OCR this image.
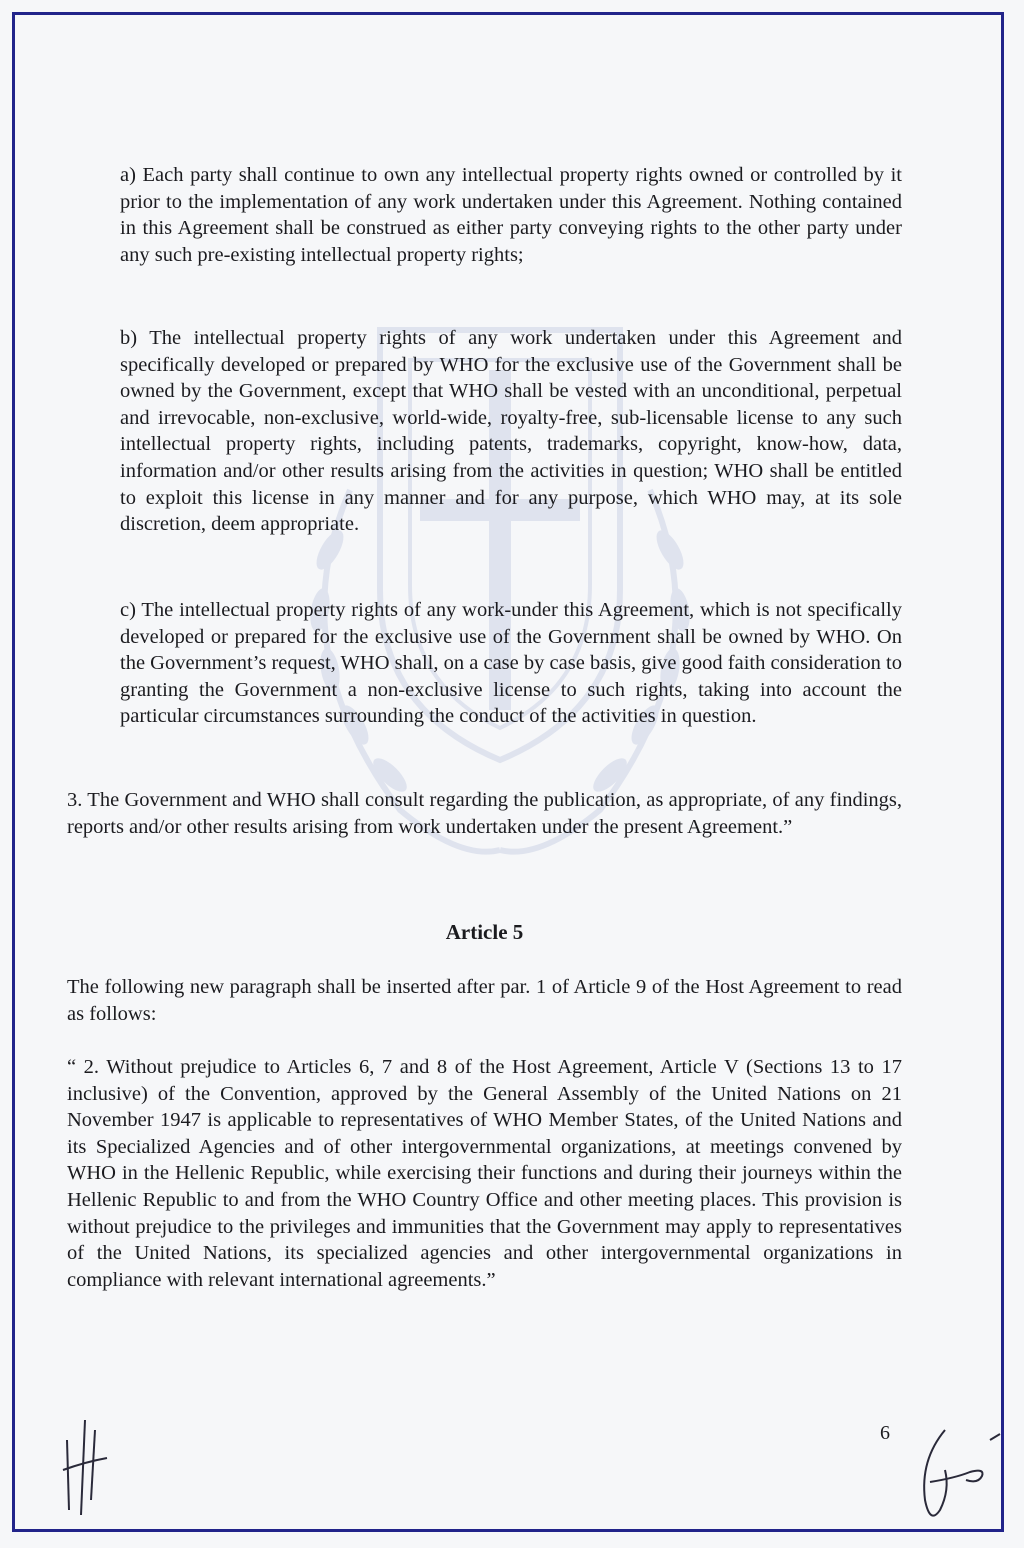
a) Each party shall continue to own any intellectual property rights owned or controlled by it prior to the implementation of any work undertaken under this Agreement. Nothing contained in this Agreement shall be construed as either party conveying rights to the other party under any such pre-existing intellectual property rights;

b) The intellectual property rights of any work undertaken under this Agreement and specifically developed or prepared by WHO for the exclusive use of the Government shall be owned by the Government, except that WHO shall be vested with an unconditional, perpetual and irrevocable, non-exclusive, world-wide, royalty-free, sub-licensable license to any such intellectual property rights, including patents, trademarks, copyright, know-how, data, information and/or other results arising from the activities in question; WHO shall be entitled to exploit this license in any manner and for any purpose, which WHO may, at its sole discretion, deem appropriate.

c) The intellectual property rights of any work-under this Agreement, which is not specifically developed or prepared for the exclusive use of the Government shall be owned by WHO. On the Government’s request, WHO shall, on a case by case basis, give good faith consideration to granting the Government a non-exclusive license to such rights, taking into account the particular circumstances surrounding the conduct of the activities in question.

3. The Government and WHO shall consult regarding the publication, as appropriate, of any findings, reports and/or other results arising from work undertaken under the present Agreement.”

Article 5

The following new paragraph shall be inserted after par. 1 of Article 9 of the Host Agreement to read as follows:

“ 2. Without prejudice to Articles 6, 7 and 8 of the Host Agreement, Article V (Sections 13 to 17 inclusive) of the Convention, approved by the General Assembly of the United Nations on 21 November 1947 is applicable to representatives of WHO Member States, of the United Nations and its Specialized Agencies and of other intergovernmental organizations, at meetings convened by WHO in the Hellenic Republic, while exercising their functions and during their journeys within the Hellenic Republic to and from the WHO Country Office and other meeting places. This provision is without prejudice to the privileges and immunities that the Government may apply to representatives of the United Nations, its specialized agencies and other intergovernmental organizations in compliance with relevant international agreements.”

6
